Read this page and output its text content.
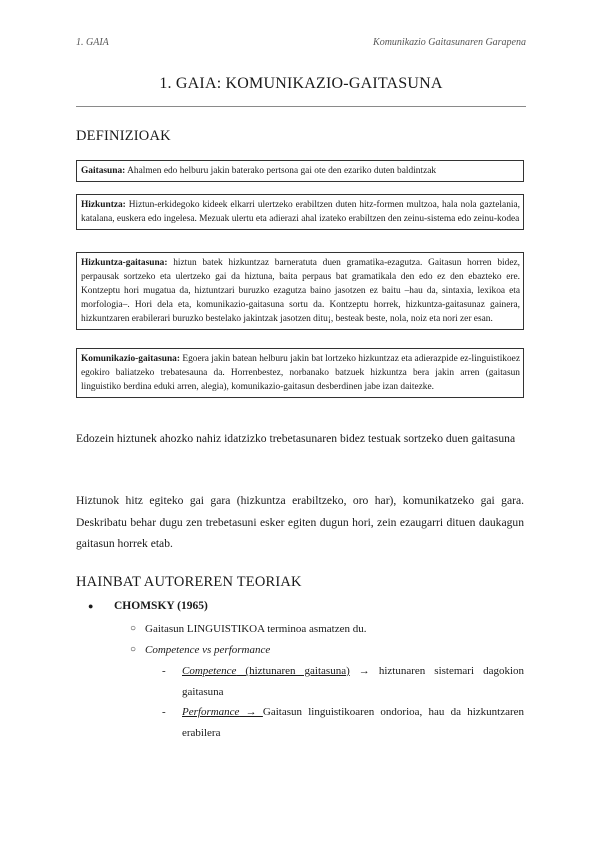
1. GAIA	Komunikazio Gaitasunaren Garapena
1. GAIA: KOMUNIKAZIO-GAITASUNA
DEFINIZIOAK
Gaitasuna: Ahalmen edo helburu jakin baterako pertsona gai ote den ezariko duten baldintzak
Hizkuntza: Hiztun-erkidegoko kideek elkarri ulertzeko erabiltzen duten hitz-formen multzoa, hala nola gaztelania, katalana, euskera edo ingelesa. Mezuak ulertu eta adierazi ahal izateko erabiltzen den zeinu-sistema edo zeinu-kodea
Hizkuntza-gaitasuna: hiztun batek hizkuntzaz barneratuta duen gramatika-ezagutza. Gaitasun horren bidez, perpausak sortzeko eta ulertzeko gai da hiztuna, baita perpaus bat gramatikala den edo ez den ebazteko ere. Kontzeptu hori mugatua da, hiztuntzari buruzko ezagutza baino jasotzen ez baitu –hau da, sintaxia, lexikoa eta morfologia–. Hori dela eta, komunikazio-gaitasuna sortu da. Kontzeptu horrek, hizkuntza-gaitasunaz gainera, hizkuntzaren erabilerari buruzko bestelako jakintzak jasotzen ditu¡, besteak beste, nola, noiz eta nori zer esan.
Komunikazio-gaitasuna: Egoera jakin batean helburu jakin bat lortzeko hizkuntzaz eta adierazpide ez-linguistikoez egokiro baliatzeko trebatesauna da. Horrenbestez, norbanako batzuek hizkuntza bera jakin arren (gaitasun linguistiko berdina eduki arren, alegia), komunikazio-gaitasun desberdinen jabe izan daitezke.
Edozein hiztunek ahozko nahiz idatzizko trebetasunaren bidez testuak sortzeko duen gaitasuna
Hiztunok hitz egiteko gai gara (hizkuntza erabiltzeko, oro har), komunikatzeko gai gara. Deskribatu behar dugu zen trebetasuni esker egiten dugun hori, zein ezaugarri dituen daukagun gaitasun horrek etab.
HAINBAT AUTOREREN TEORIAK
●	CHOMSKY (1965)
○ Gaitasun LINGUISTIKOA terminoa asmatzen du.
○ Competence vs performance
-	Competence (hiztunaren gaitasuna) → hiztunaren sistemari dagokion gaitasuna
-	Performance → Gaitasun linguistikoaren ondorioa, hau da hizkuntzaren erabilera
